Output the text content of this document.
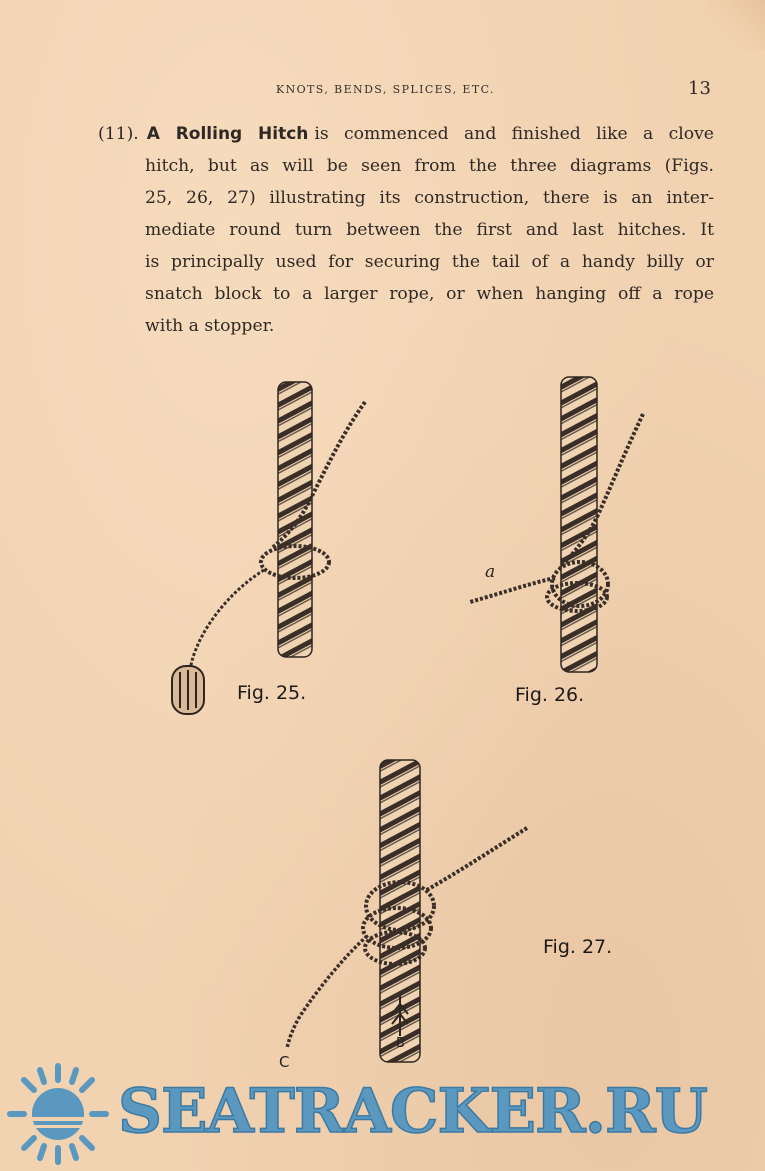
KNOTS, BENDS, SPLICES, ETC.	13
(11). A Rolling Hitch is commenced and finished like a clove
hitch, but as will be seen from the three diagrams (Figs.
25, 26, 27) illustrating its construction, there is an inter-
mediate round turn between the first and last hitches. It
is principally used for securing the tail of a handy billy or
snatch block to a larger rope, or when hanging off a rope
with a stopper.
Fig. 25.
a
Fig. 26.
C
B
Fig. 27.
SEATRACKER.RU
